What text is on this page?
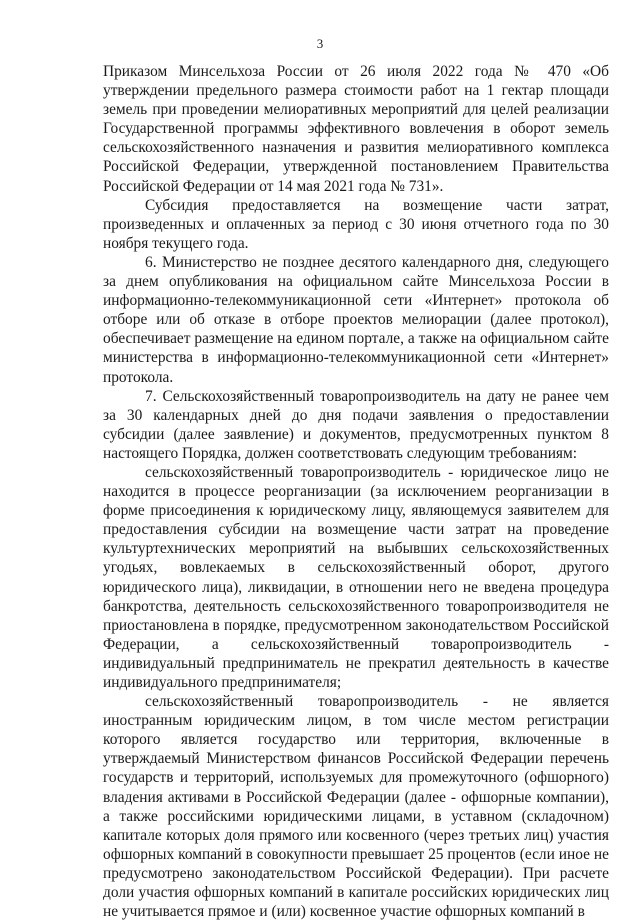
3

Приказом Минсельхоза России от 26 июля 2022 года № 470 «Об утверждении предельного размера стоимости работ на 1 гектар площади земель при проведении мелиоративных мероприятий для целей реализации Государственной программы эффективного вовлечения в оборот земель сельскохозяйственного назначения и развития мелиоративного комплекса Российской Федерации, утвержденной постановлением Правительства Российской Федерации от 14 мая 2021 года № 731».

Субсидия предоставляется на возмещение части затрат, произведенных и оплаченных за период с 30 июня отчетного года по 30 ноября текущего года.

6. Министерство не позднее десятого календарного дня, следующего за днем опубликования на официальном сайте Минсельхоза России в информационно-телекоммуникационной сети «Интернет» протокола об отборе или об отказе в отборе проектов мелиорации (далее протокол), обеспечивает размещение на едином портале, а также на официальном сайте министерства в информационно-телекоммуникационной сети «Интернет» протокола.

7. Сельскохозяйственный товаропроизводитель на дату не ранее чем за 30 календарных дней до дня подачи заявления о предоставлении субсидии (далее заявление) и документов, предусмотренных пунктом 8 настоящего Порядка, должен соответствовать следующим требованиям:

сельскохозяйственный товаропроизводитель - юридическое лицо не находится в процессе реорганизации (за исключением реорганизации в форме присоединения к юридическому лицу, являющемуся заявителем для предоставления субсидии на возмещение части затрат на проведение культуртехнических мероприятий на выбывших сельскохозяйственных угодьях, вовлекаемых в сельскохозяйственный оборот, другого юридического лица), ликвидации, в отношении него не введена процедура банкротства, деятельность сельскохозяйственного товаропроизводителя не приостановлена в порядке, предусмотренном законодательством Российской Федерации, а сельскохозяйственный товаропроизводитель - индивидуальный предприниматель не прекратил деятельность в качестве индивидуального предпринимателя;

сельскохозяйственный товаропроизводитель - не является иностранным юридическим лицом, в том числе местом регистрации которого является государство или территория, включенные в утверждаемый Министерством финансов Российской Федерации перечень государств и территорий, используемых для промежуточного (офшорного) владения активами в Российской Федерации (далее - офшорные компании), а также российскими юридическими лицами, в уставном (складочном) капитале которых доля прямого или косвенного (через третьих лиц) участия офшорных компаний в совокупности превышает 25 процентов (если иное не предусмотрено законодательством Российской Федерации). При расчете доли участия офшорных компаний в капитале российских юридических лиц не учитывается прямое и (или) косвенное участие офшорных компаний в
